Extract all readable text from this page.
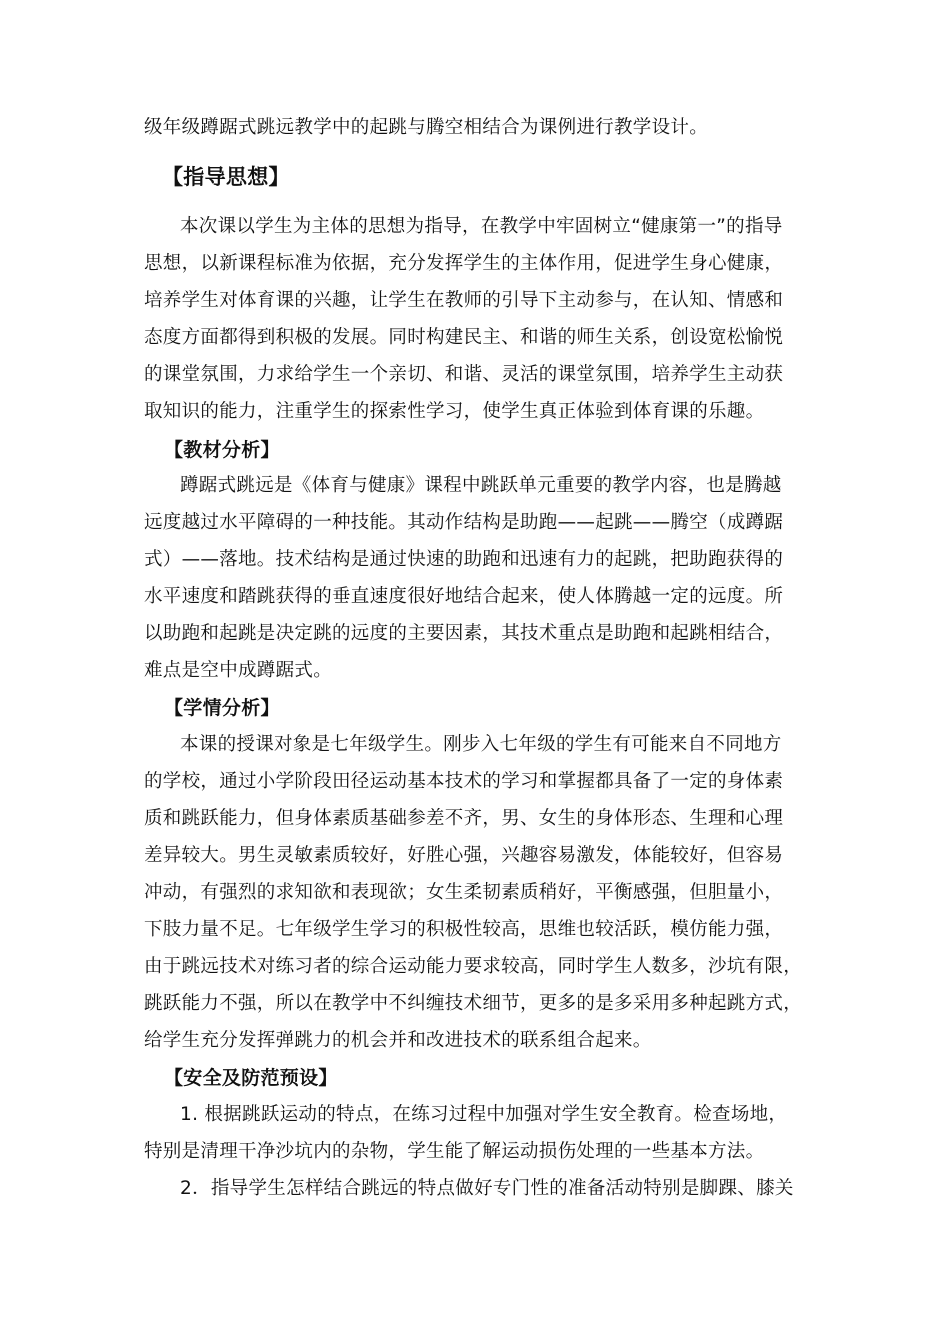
级年级蹲踞式跳远教学中的起跳与腾空相结合为课例进行教学设计。
【指导思想】
本次课以学生为主体的思想为指导，在教学中牢固树立“健康第一”的指导
思想，以新课程标准为依据，充分发挥学生的主体作用，促进学生身心健康，
培养学生对体育课的兴趣，让学生在教师的引导下主动参与，在认知、情感和
态度方面都得到积极的发展。同时构建民主、和谐的师生关系，创设宽松愉悦
的课堂氛围，力求给学生一个亲切、和谐、灵活的课堂氛围，培养学生主动获
取知识的能力，注重学生的探索性学习，使学生真正体验到体育课的乐趣。
【教材分析】
蹲踞式跳远是《体育与健康》课程中跳跃单元重要的教学内容，也是腾越
远度越过水平障碍的一种技能。其动作结构是助跑——起跳——腾空（成蹲踞
式）——落地。技术结构是通过快速的助跑和迅速有力的起跳，把助跑获得的
水平速度和踏跳获得的垂直速度很好地结合起来，使人体腾越一定的远度。所
以助跑和起跳是决定跳的远度的主要因素，其技术重点是助跑和起跳相结合，
难点是空中成蹲踞式。
【学情分析】
本课的授课对象是七年级学生。刚步入七年级的学生有可能来自不同地方
的学校，通过小学阶段田径运动基本技术的学习和掌握都具备了一定的身体素
质和跳跃能力，但身体素质基础参差不齐，男、女生的身体形态、生理和心理
差异较大。男生灵敏素质较好，好胜心强，兴趣容易激发，体能较好，但容易
冲动，有强烈的求知欲和表现欲；女生柔韧素质稍好，平衡感强，但胆量小，
下肢力量不足。七年级学生学习的积极性较高，思维也较活跃，模仿能力强，
由于跳远技术对练习者的综合运动能力要求较高，同时学生人数多，沙坑有限，
跳跃能力不强，所以在教学中不纠缠技术细节，更多的是多采用多种起跳方式，
给学生充分发挥弹跳力的机会并和改进技术的联系组合起来。
【安全及防范预设】
1. 根据跳跃运动的特点，在练习过程中加强对学生安全教育。检查场地，
特别是清理干净沙坑内的杂物，学生能了解运动损伤处理的一些基本方法。
2．指导学生怎样结合跳远的特点做好专门性的准备活动特别是脚踝、膝关
